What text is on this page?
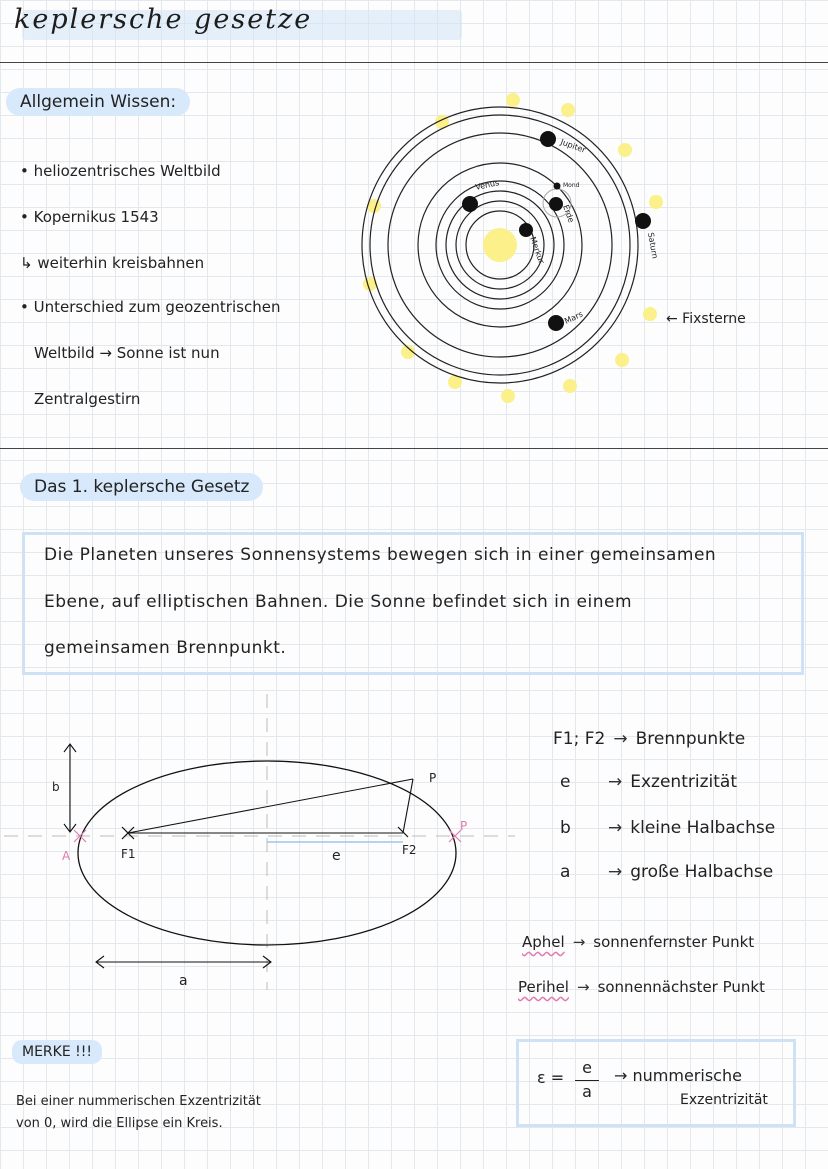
keplersche gesetze
Allgemein Wissen:
• heliozentrisches Weltbild
• Kopernikus 1543
↳ weiterhin kreisbahnen
• Unterschied zum geozentrischen
Weltbild → Sonne ist nun
Zentralgestirn
Jupiter
Venus	Mond
Erde
Merkur	Saturn
Mars	← Fixsterne
Das 1. keplersche Gesetz
Die Planeten unseres Sonnensystems bewegen sich in einer gemeinsamen
Ebene, auf elliptischen Bahnen. Die Sonne befindet sich in einem
gemeinsamen Brennpunkt.
b
a
e
F1	F2
P
A
P
F1; F2 → Brennpunkte
e → Exzentrizität
b → kleine Halbachse
a → große Halbachse
Aphel → sonnenfernster Punkt
Perihel → sonnennächster Punkt
MERKE !!!
Bei einer nummerischen Exzentrizität
von 0, wird die Ellipse ein Kreis.
ε =
e
a
→ nummerische
Exzentrizität
